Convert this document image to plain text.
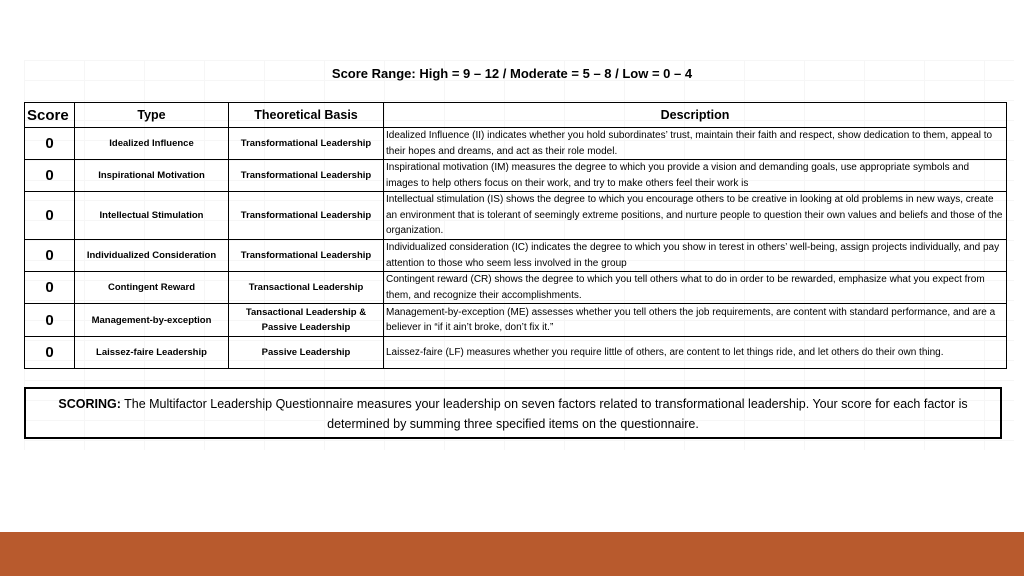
Score Range: High = 9 – 12 / Moderate = 5 – 8 / Low = 0 – 4
Score	Type	Theoretical Basis	Description
0	Idealized Influence	Transformational Leadership	Idealized Influence (II) indicates whether you hold subordinates’ trust, maintain their faith and respect, show dedication to them, appeal to their hopes and dreams, and act as their role model.
0	Inspirational Motivation	Transformational Leadership	Inspirational motivation (IM) measures the degree to which you provide a vision and demanding goals, use appropriate symbols and images to help others focus on their work, and try to make others feel their work is
0	Intellectual Stimulation	Transformational Leadership	Intellectual stimulation (IS) shows the degree to which you encourage others to be creative in looking at old problems in new ways, create an environment that is tolerant of seemingly extreme positions, and nurture people to question their own values and beliefs and those of the organization.
0	Individualized Consideration	Transformational Leadership	Individualized consideration (IC) indicates the degree to which you show in terest in others’ well-being, assign projects individually, and pay attention to those who seem less involved in the group
0	Contingent Reward	Transactional Leadership	Contingent reward (CR) shows the degree to which you tell others what to do in order to be rewarded, emphasize what you expect from them, and recognize their accomplishments.
0	Management-by-exception	Tansactional Leadership & Passive Leadership	Management-by-exception (ME) assesses whether you tell others the job requirements, are content with standard performance, and are a believer in “if it ain’t broke, don’t fix it.”
0	Laissez-faire Leadership	Passive Leadership	Laissez-faire (LF) measures whether you require little of others, are content to let things ride, and let others do their own thing.
SCORING: The Multifactor Leadership Questionnaire measures your leadership on seven factors related to transformational leadership. Your score for each factor is determined by summing three specified items on the questionnaire.
